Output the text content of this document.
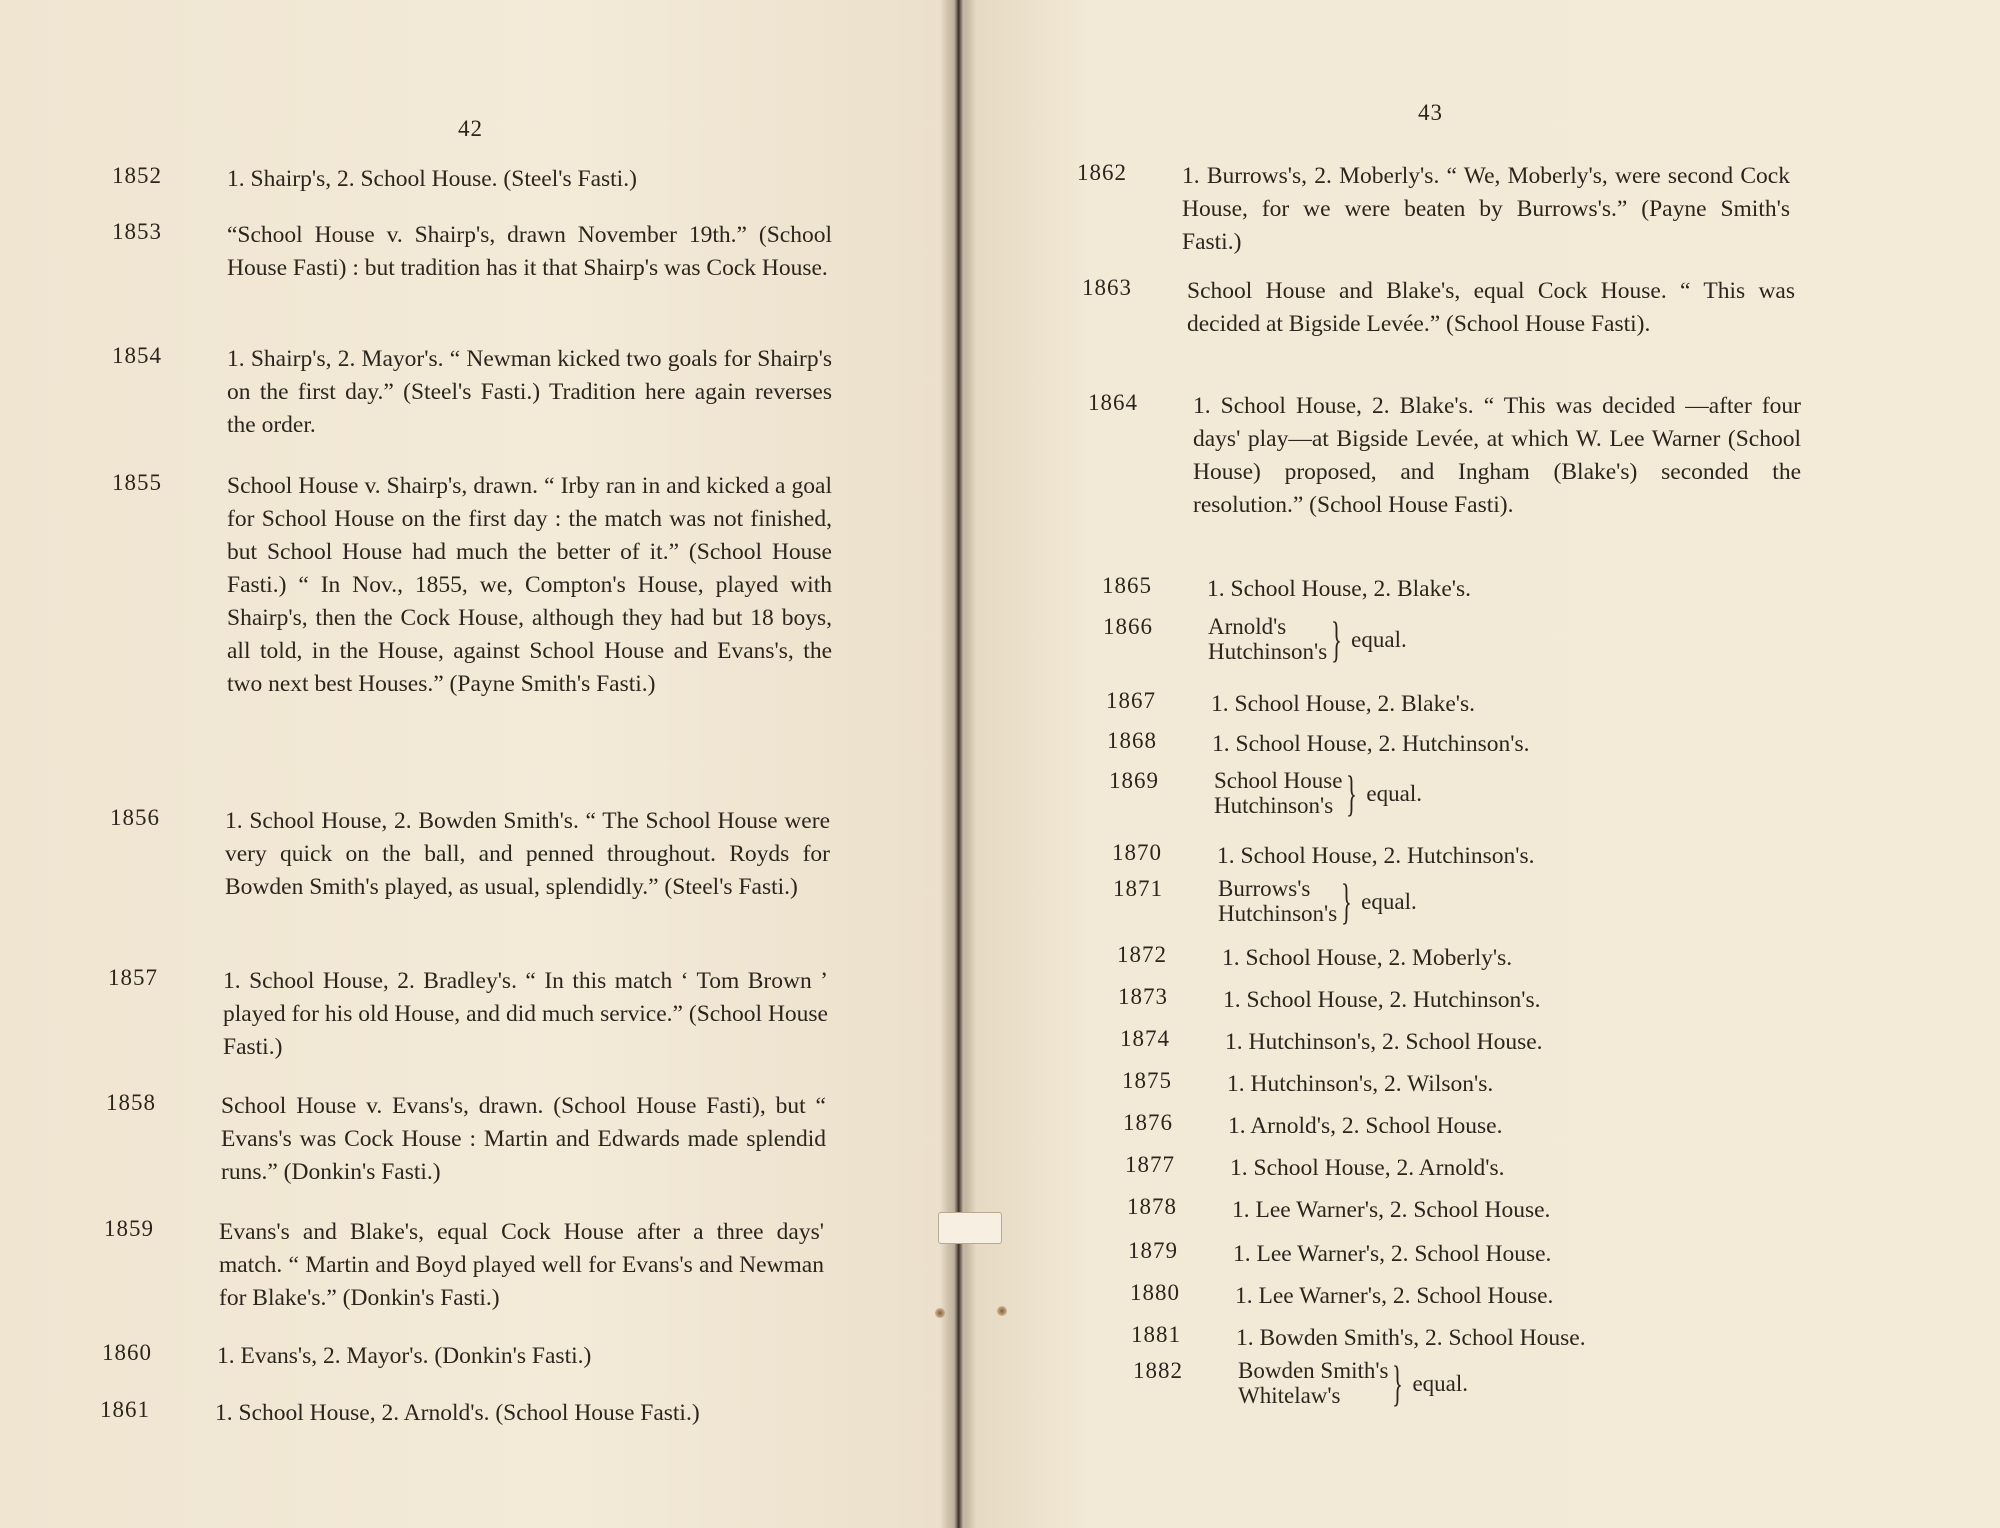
42
1852	1. Shairp's, 2. School House. (Steel's Fasti.)
1853	“School House v. Shairp's, drawn November 19th.” (School House Fasti) : but tradition has it that Shairp's was Cock House.
1854	1. Shairp's, 2. Mayor's. “ Newman kicked two goals for Shairp's on the first day.” (Steel's Fasti.) Tradition here again reverses the order.
1855	School House v. Shairp's, drawn. “ Irby ran in and kicked a goal for School House on the first day : the match was not finished, but School House had much the better of it.” (School House Fasti.) “ In Nov., 1855, we, Compton's House, played with Shairp's, then the Cock House, although they had but 18 boys, all told, in the House, against School House and Evans's, the two next best Houses.” (Payne Smith's Fasti.)
1856	1. School House, 2. Bowden Smith's. “ The School House were very quick on the ball, and penned throughout. Royds for Bowden Smith's played, as usual, splendidly.” (Steel's Fasti.)
1857	1. School House, 2. Bradley's. “ In this match ‘ Tom Brown ’ played for his old House, and did much service.” (School House Fasti.)
1858	School House v. Evans's, drawn. (School House Fasti), but “ Evans's was Cock House : Martin and Edwards made splendid runs.” (Donkin's Fasti.)
1859	Evans's and Blake's, equal Cock House after a three days' match. “ Martin and Boyd played well for Evans's and Newman for Blake's.” (Donkin's Fasti.)
1860	1. Evans's, 2. Mayor's. (Donkin's Fasti.)
1861	1. School House, 2. Arnold's. (School House Fasti.)
43
1862	1. Burrows's, 2. Moberly's. “ We, Moberly's, were second Cock House, for we were beaten by Burrows's.” (Payne Smith's Fasti.)
1863	School House and Blake's, equal Cock House. “ This was decided at Bigside Levée.” (School House Fasti).
1864	1. School House, 2. Blake's. “ This was decided —after four days' play—at Bigside Levée, at which W. Lee Warner (School House) proposed, and Ingham (Blake's) seconded the resolution.” (School House Fasti).
1865	1. School House, 2. Blake's.
1866	Arnold's
Hutchinson's } equal.
1867	1. School House, 2. Blake's.
1868	1. School House, 2. Hutchinson's.
1869	School House
Hutchinson's } equal.
1870	1. School House, 2. Hutchinson's.
1871	Burrows's
Hutchinson's } equal.
1872	1. School House, 2. Moberly's.
1873	1. School House, 2. Hutchinson's.
1874	1. Hutchinson's, 2. School House.
1875	1. Hutchinson's, 2. Wilson's.
1876	1. Arnold's, 2. School House.
1877	1. School House, 2. Arnold's.
1878	1. Lee Warner's, 2. School House.
1879	1. Lee Warner's, 2. School House.
1880	1. Lee Warner's, 2. School House.
1881	1. Bowden Smith's, 2. School House.
1882	Bowden Smith's
Whitelaw's	} equal.
